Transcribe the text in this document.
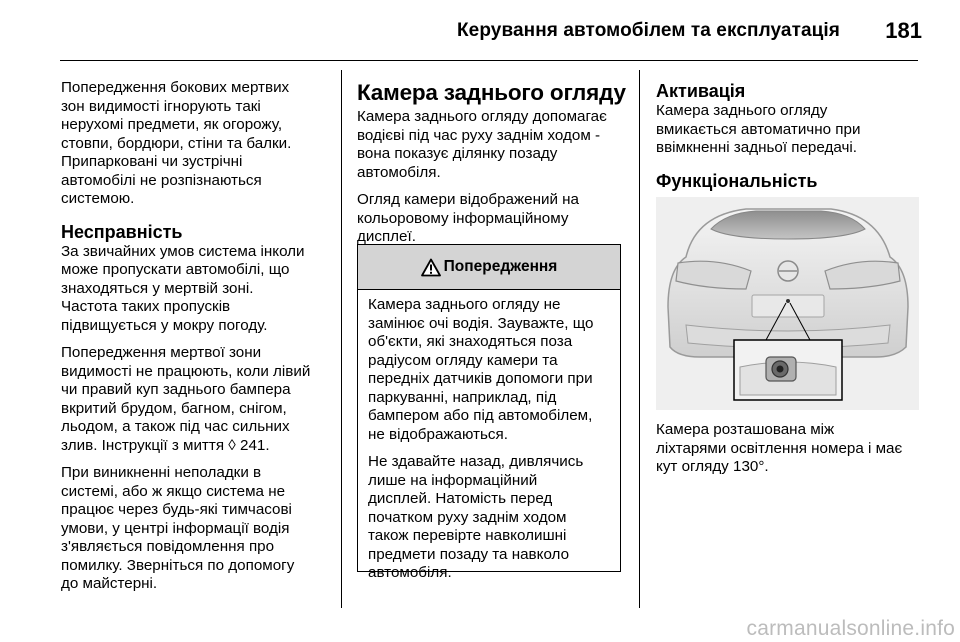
Керування автомобілем та експлуатація	181

Попередження бокових мертвих
зон видимості ігнорують такі
нерухомі предмети, як огорожу,
стовпи, бордюри, стіни та балки.
Припарковані чи зустрічні
автомобілі не розпізнаються
системою.

Несправність

За звичайних умов система інколи
може пропускати автомобілі, що
знаходяться у мертвій зоні.
Частота таких пропусків
підвищується у мокру погоду.

Попередження мертвої зони
видимості не працюють, коли лівий
чи правий куп заднього бампера
вкритий брудом, багном, снігом,
льодом, а також під час сильних
злив. Інструкції з миття ◊ 241.

При виникненні неполадки в
системі, або ж якщо система не
працює через будь-які тимчасові
умови, у центрі інформації водія
з'являється повідомлення про
помилку. Зверніться по допомогу
до майстерні.

Камера заднього огляду

Камера заднього огляду допомагає
водієві під час руху заднім ходом -
вона показує ділянку позаду
автомобіля.

Огляд камери відображений на
кольоровому інформаційному
дисплеї.

Попередження

Камера заднього огляду не
замінює очі водія. Зауважте, що
об'єкти, які знаходяться поза
радіусом огляду камери та
передніх датчиків допомоги при
паркуванні, наприклад, під
бампером або під автомобілем,
не відображаються.

Не здавайте назад, дивлячись
лише на інформаційний
дисплей. Натомість перед
початком руху заднім ходом
також перевірте навколишні
предмети позаду та навколо
автомобіля.

Активація

Камера заднього огляду
вмикається автоматично при
ввімкненні задньої передачі.

Функціональність

Камера розташована між
ліхтарями освітлення номера і має
кут огляду 130°.

carmanualsonline.info
